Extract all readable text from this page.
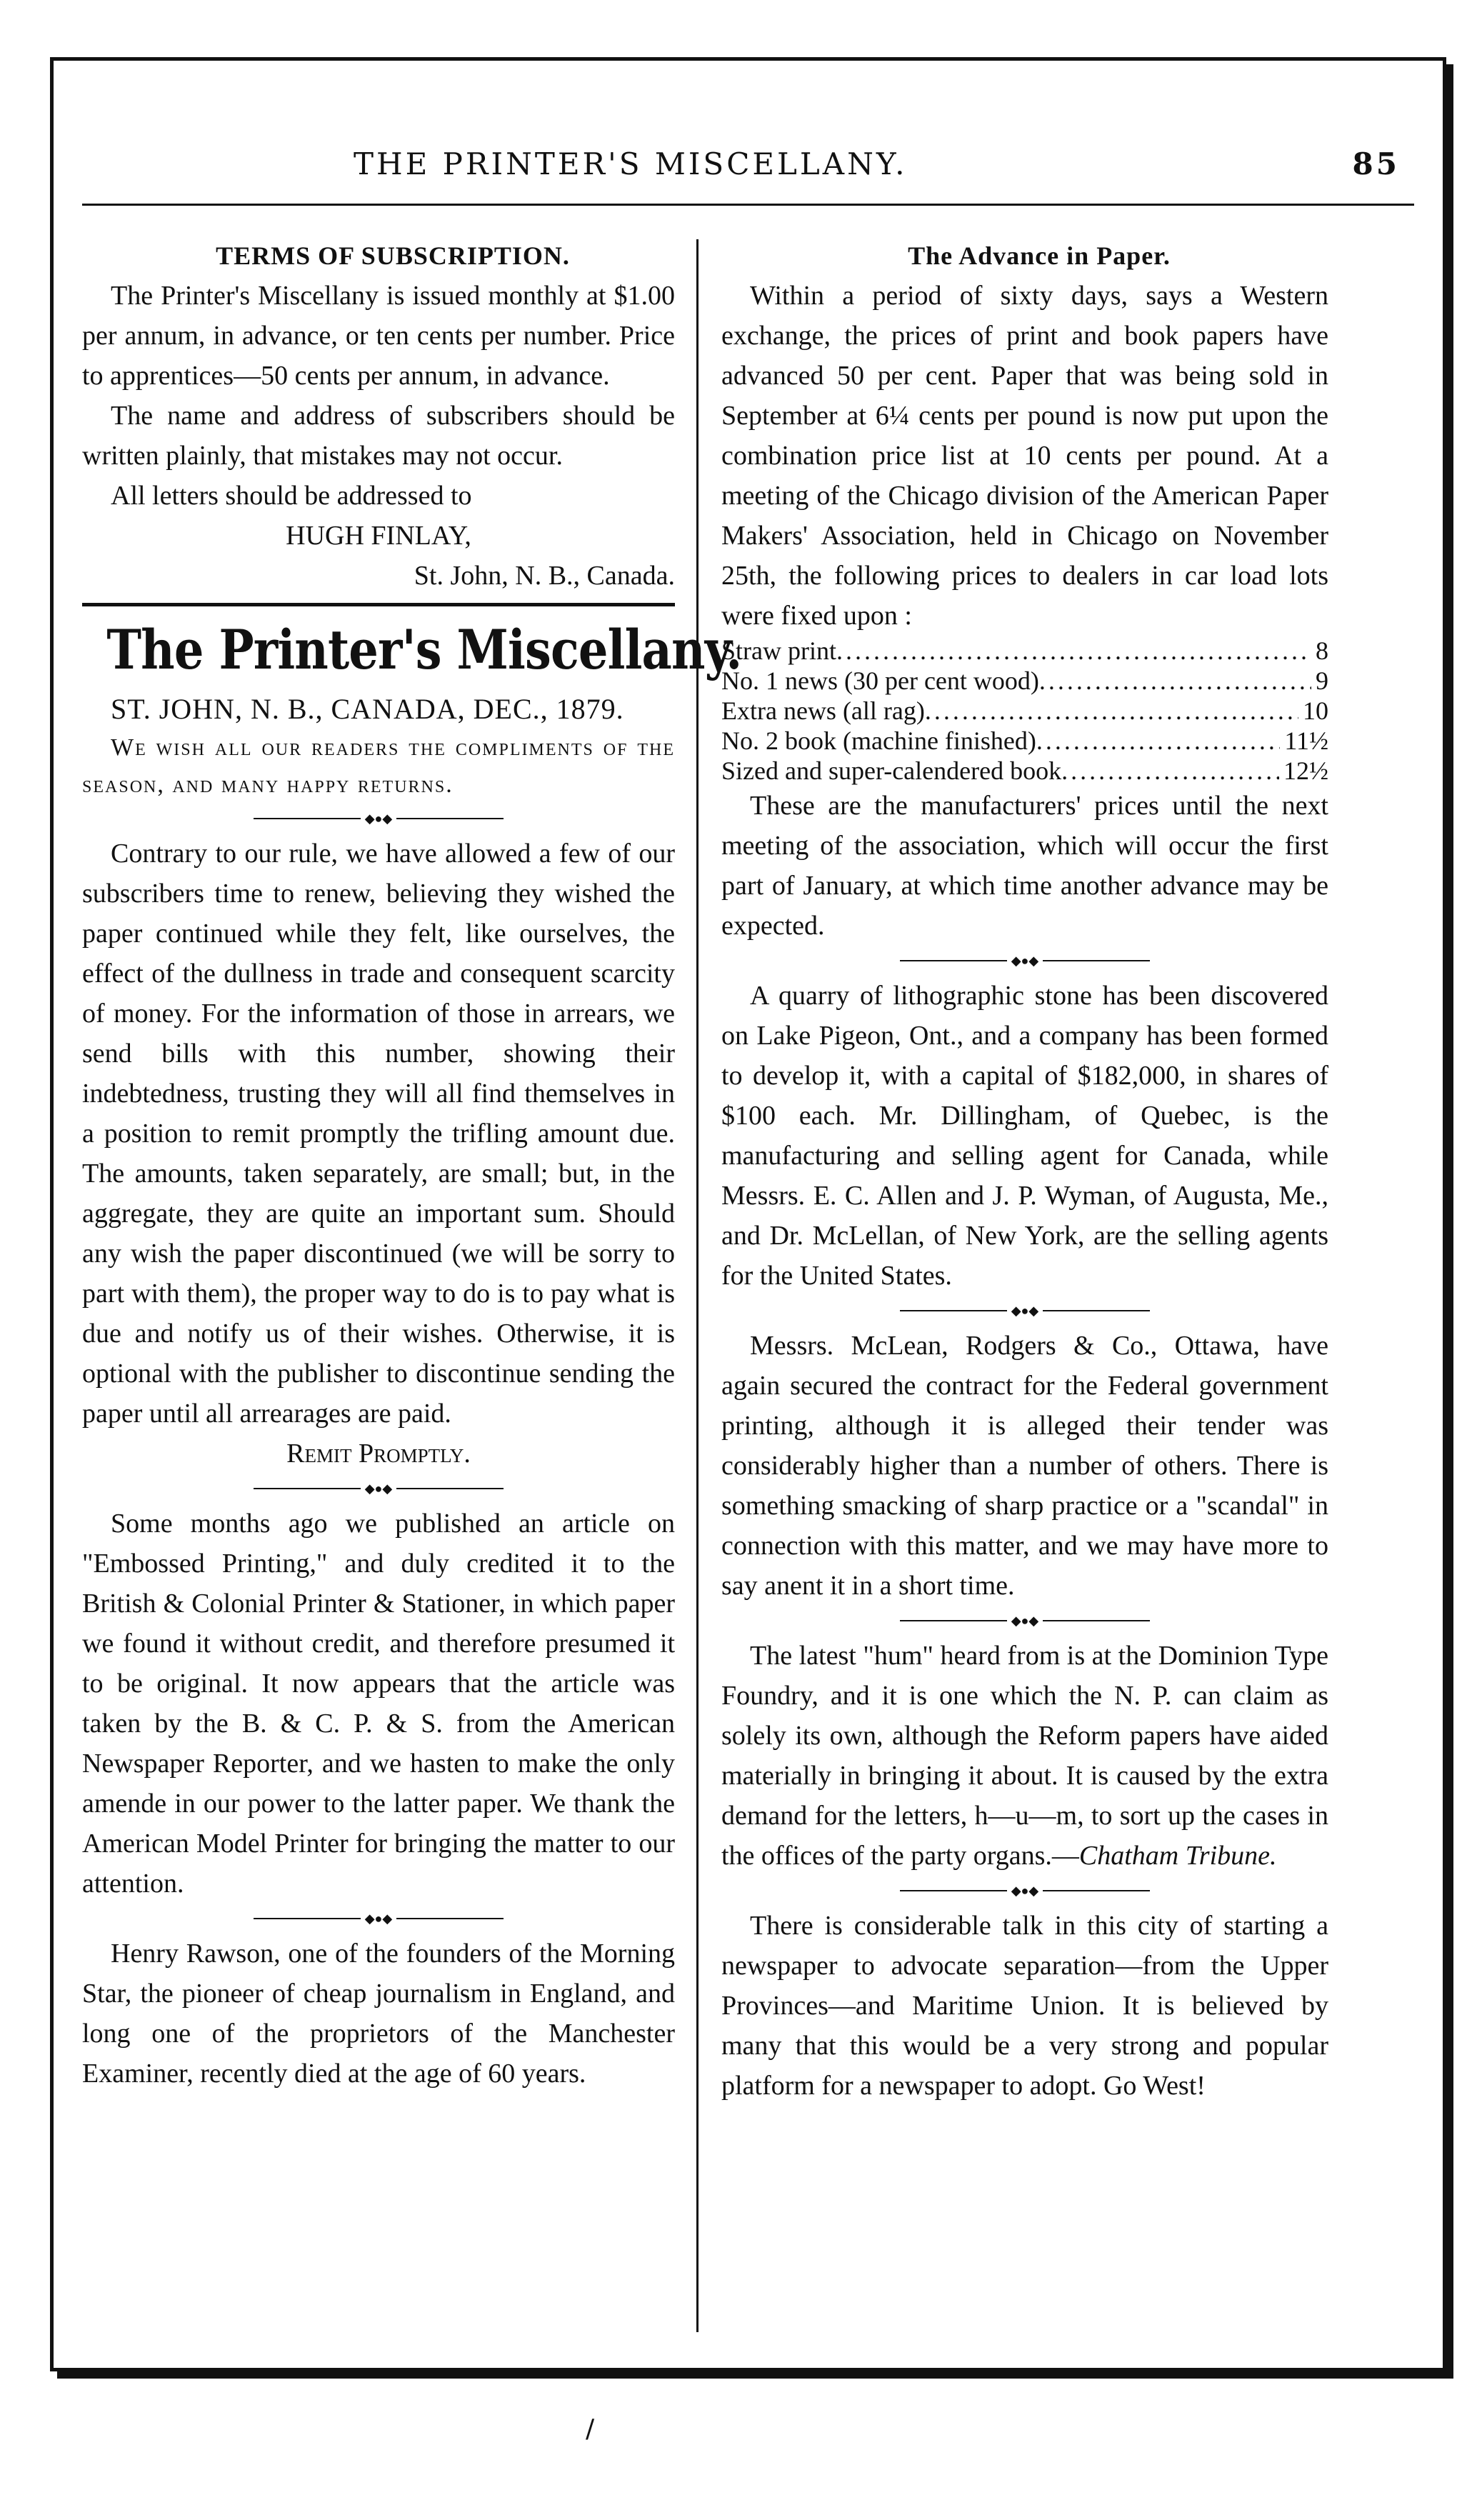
THE PRINTER'S MISCELLANY.	85

TERMS OF SUBSCRIPTION.

The Printer's Miscellany is issued monthly at $1.00 per annum, in advance, or ten cents per number. Price to apprentices—50 cents per annum, in advance.

The name and address of subscribers should be written plainly, that mistakes may not occur.

All letters should be addressed to

HUGH FINLAY,

St. John, N. B., Canada.

The Printer's Miscellany.

ST. JOHN, N. B., CANADA, DEC., 1879.

We wish all our readers the compliments of the season, and many happy returns.

◆●◆

Contrary to our rule, we have allowed a few of our subscribers time to renew, believing they wished the paper continued while they felt, like ourselves, the effect of the dullness in trade and consequent scarcity of money. For the information of those in arrears, we send bills with this number, showing their indebtedness, trusting they will all find themselves in a position to remit promptly the trifling amount due. The amounts, taken separately, are small; but, in the aggregate, they are quite an important sum. Should any wish the paper discontinued (we will be sorry to part with them), the proper way to do is to pay what is due and notify us of their wishes. Otherwise, it is optional with the publisher to discontinue sending the paper until all arrearages are paid.

Remit Promptly.

◆●◆

Some months ago we published an article on "Embossed Printing," and duly credited it to the British & Colonial Printer & Stationer, in which paper we found it without credit, and therefore presumed it to be original. It now appears that the article was taken by the B. & C. P. & S. from the American Newspaper Reporter, and we hasten to make the only amende in our power to the latter paper. We thank the American Model Printer for bringing the matter to our attention.

◆●◆

Henry Rawson, one of the founders of the Morning Star, the pioneer of cheap journalism in England, and long one of the proprietors of the Manchester Examiner, recently died at the age of 60 years.

The Advance in Paper.

Within a period of sixty days, says a Western exchange, the prices of print and book papers have advanced 50 per cent. Paper that was being sold in September at 6¼ cents per pound is now put upon the combination price list at 10 cents per pound. At a meeting of the Chicago division of the American Paper Makers' Association, held in Chicago on November 25th, the following prices to dealers in car load lots were fixed upon :

Straw print .....	8
No. 1 news (30 per cent wood) .....	9
Extra news (all rag) .....	10
No. 2 book (machine finished) .....	11½
Sized and super-calendered book .....	12½

These are the manufacturers' prices until the next meeting of the association, which will occur the first part of January, at which time another advance may be expected.

◆●◆

A quarry of lithographic stone has been discovered on Lake Pigeon, Ont., and a company has been formed to develop it, with a capital of $182,000, in shares of $100 each. Mr. Dillingham, of Quebec, is the manufacturing and selling agent for Canada, while Messrs. E. C. Allen and J. P. Wyman, of Augusta, Me., and Dr. McLellan, of New York, are the selling agents for the United States.

◆●◆

Messrs. McLean, Rodgers & Co., Ottawa, have again secured the contract for the Federal government printing, although it is alleged their tender was considerably higher than a number of others. There is something smacking of sharp practice or a "scandal" in connection with this matter, and we may have more to say anent it in a short time.

◆●◆

The latest "hum" heard from is at the Dominion Type Foundry, and it is one which the N. P. can claim as solely its own, although the Reform papers have aided materially in bringing it about. It is caused by the extra demand for the letters, h—u—m, to sort up the cases in the offices of the party organs.—Chatham Tribune.

◆●◆

There is considerable talk in this city of starting a newspaper to advocate separation—from the Upper Provinces—and Maritime Union. It is believed by many that this would be a very strong and popular platform for a newspaper to adopt. Go West!

/
